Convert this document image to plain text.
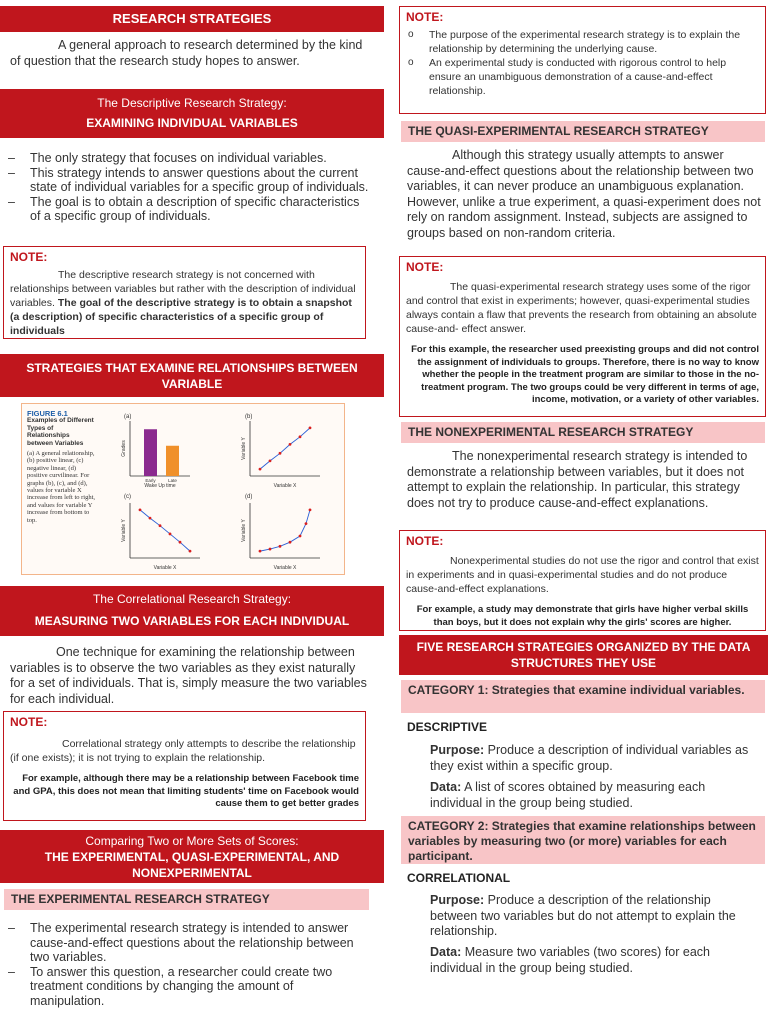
RESEARCH STRATEGIES

A general approach to research determined by the kind of question that the research study hopes to answer.

The Descriptive Research Strategy:
EXAMINING INDIVIDUAL VARIABLES
– The only strategy that focuses on individual variables.
– This strategy intends to answer questions about the current state of individual variables for a specific group of individuals.
– The goal is to obtain a description of specific characteristics of a specific group of individuals.
NOTE:

The descriptive research strategy is not concerned with relationships between variables but rather with the description of individual variables. The goal of the descriptive strategy is to obtain a snapshot (a description) of specific characteristics of a specific group of individuals

STRATEGIES THAT EXAMINE RELATIONSHIPS BETWEEN VARIABLE
FIGURE 6.1
Examples of Different Types of Relationships between Variables
(a) A general relationship, (b) positive linear, (c) negative linear, (d) positive curvilinear. For graphs (b), (c), and (d), values for variable X increase from left to right, and values for variable Y increase from bottom to top.
(a)	(b)
(c)	(d)
Wake Up time
Grades
Early	Late
Variable X
Variable Y
Variable X
Variable Y
Variable X
Variable Y
The Correlational Research Strategy:
MEASURING TWO VARIABLES FOR EACH INDIVIDUAL

One technique for examining the relationship between variables is to observe the two variables as they exist naturally for a set of individuals. That is, simply measure the two variables for each individual.

NOTE:

Correlational strategy only attempts to describe the relationship (if one exists); it is not trying to explain the relationship.

For example, although there may be a relationship between Facebook time and GPA, this does not mean that limiting students' time on Facebook would cause them to get better grades

Comparing Two or More Sets of Scores:
THE EXPERIMENTAL, QUASI-EXPERIMENTAL, AND NONEXPERIMENTAL
THE EXPERIMENTAL RESEARCH STRATEGY
– The experimental research strategy is intended to answer cause-and-effect questions about the relationship between two variables.
– To answer this question, a researcher could create two treatment conditions by changing the amount of manipulation.
NOTE:
o The purpose of the experimental research strategy is to explain the relationship by determining the underlying cause.
o An experimental study is conducted with rigorous control to help ensure an unambiguous demonstration of a cause-and-effect relationship.
THE QUASI-EXPERIMENTAL RESEARCH STRATEGY

Although this strategy usually attempts to answer cause-and-effect questions about the relationship between two variables, it can never produce an unambiguous explanation. However, unlike a true experiment, a quasi-experiment does not rely on random assignment. Instead, subjects are assigned to groups based on non-random criteria.

NOTE:

The quasi-experimental research strategy uses some of the rigor and control that exist in experiments; however, quasi-experimental studies always contain a flaw that prevents the research from obtaining an absolute cause-and- effect answer.

For this example, the researcher used preexisting groups and did not control the assignment of individuals to groups. Therefore, there is no way to know whether the people in the treatment program are similar to those in the no- treatment program. The two groups could be very different in terms of age, income, motivation, or a variety of other variables.

THE NONEXPERIMENTAL RESEARCH STRATEGY

The nonexperimental research strategy is intended to demonstrate a relationship between variables, but it does not attempt to explain the relationship. In particular, this strategy does not try to produce cause-and-effect explanations.

NOTE:

Nonexperimental studies do not use the rigor and control that exist in experiments and in quasi-experimental studies and do not produce cause-and-effect explanations.

For example, a study may demonstrate that girls have higher verbal skills than boys, but it does not explain why the girls' scores are higher.

FIVE RESEARCH STRATEGIES ORGANIZED BY THE DATA STRUCTURES THEY USE
CATEGORY 1: Strategies that examine individual variables.
DESCRIPTIVE

Purpose: Produce a description of individual variables as they exist within a specific group.

Data: A list of scores obtained by measuring each individual in the group being studied.

CATEGORY 2: Strategies that examine relationships between variables by measuring two (or more) variables for each participant.
CORRELATIONAL

Purpose: Produce a description of the relationship between two variables but do not attempt to explain the relationship.

Data: Measure two variables (two scores) for each individual in the group being studied.
